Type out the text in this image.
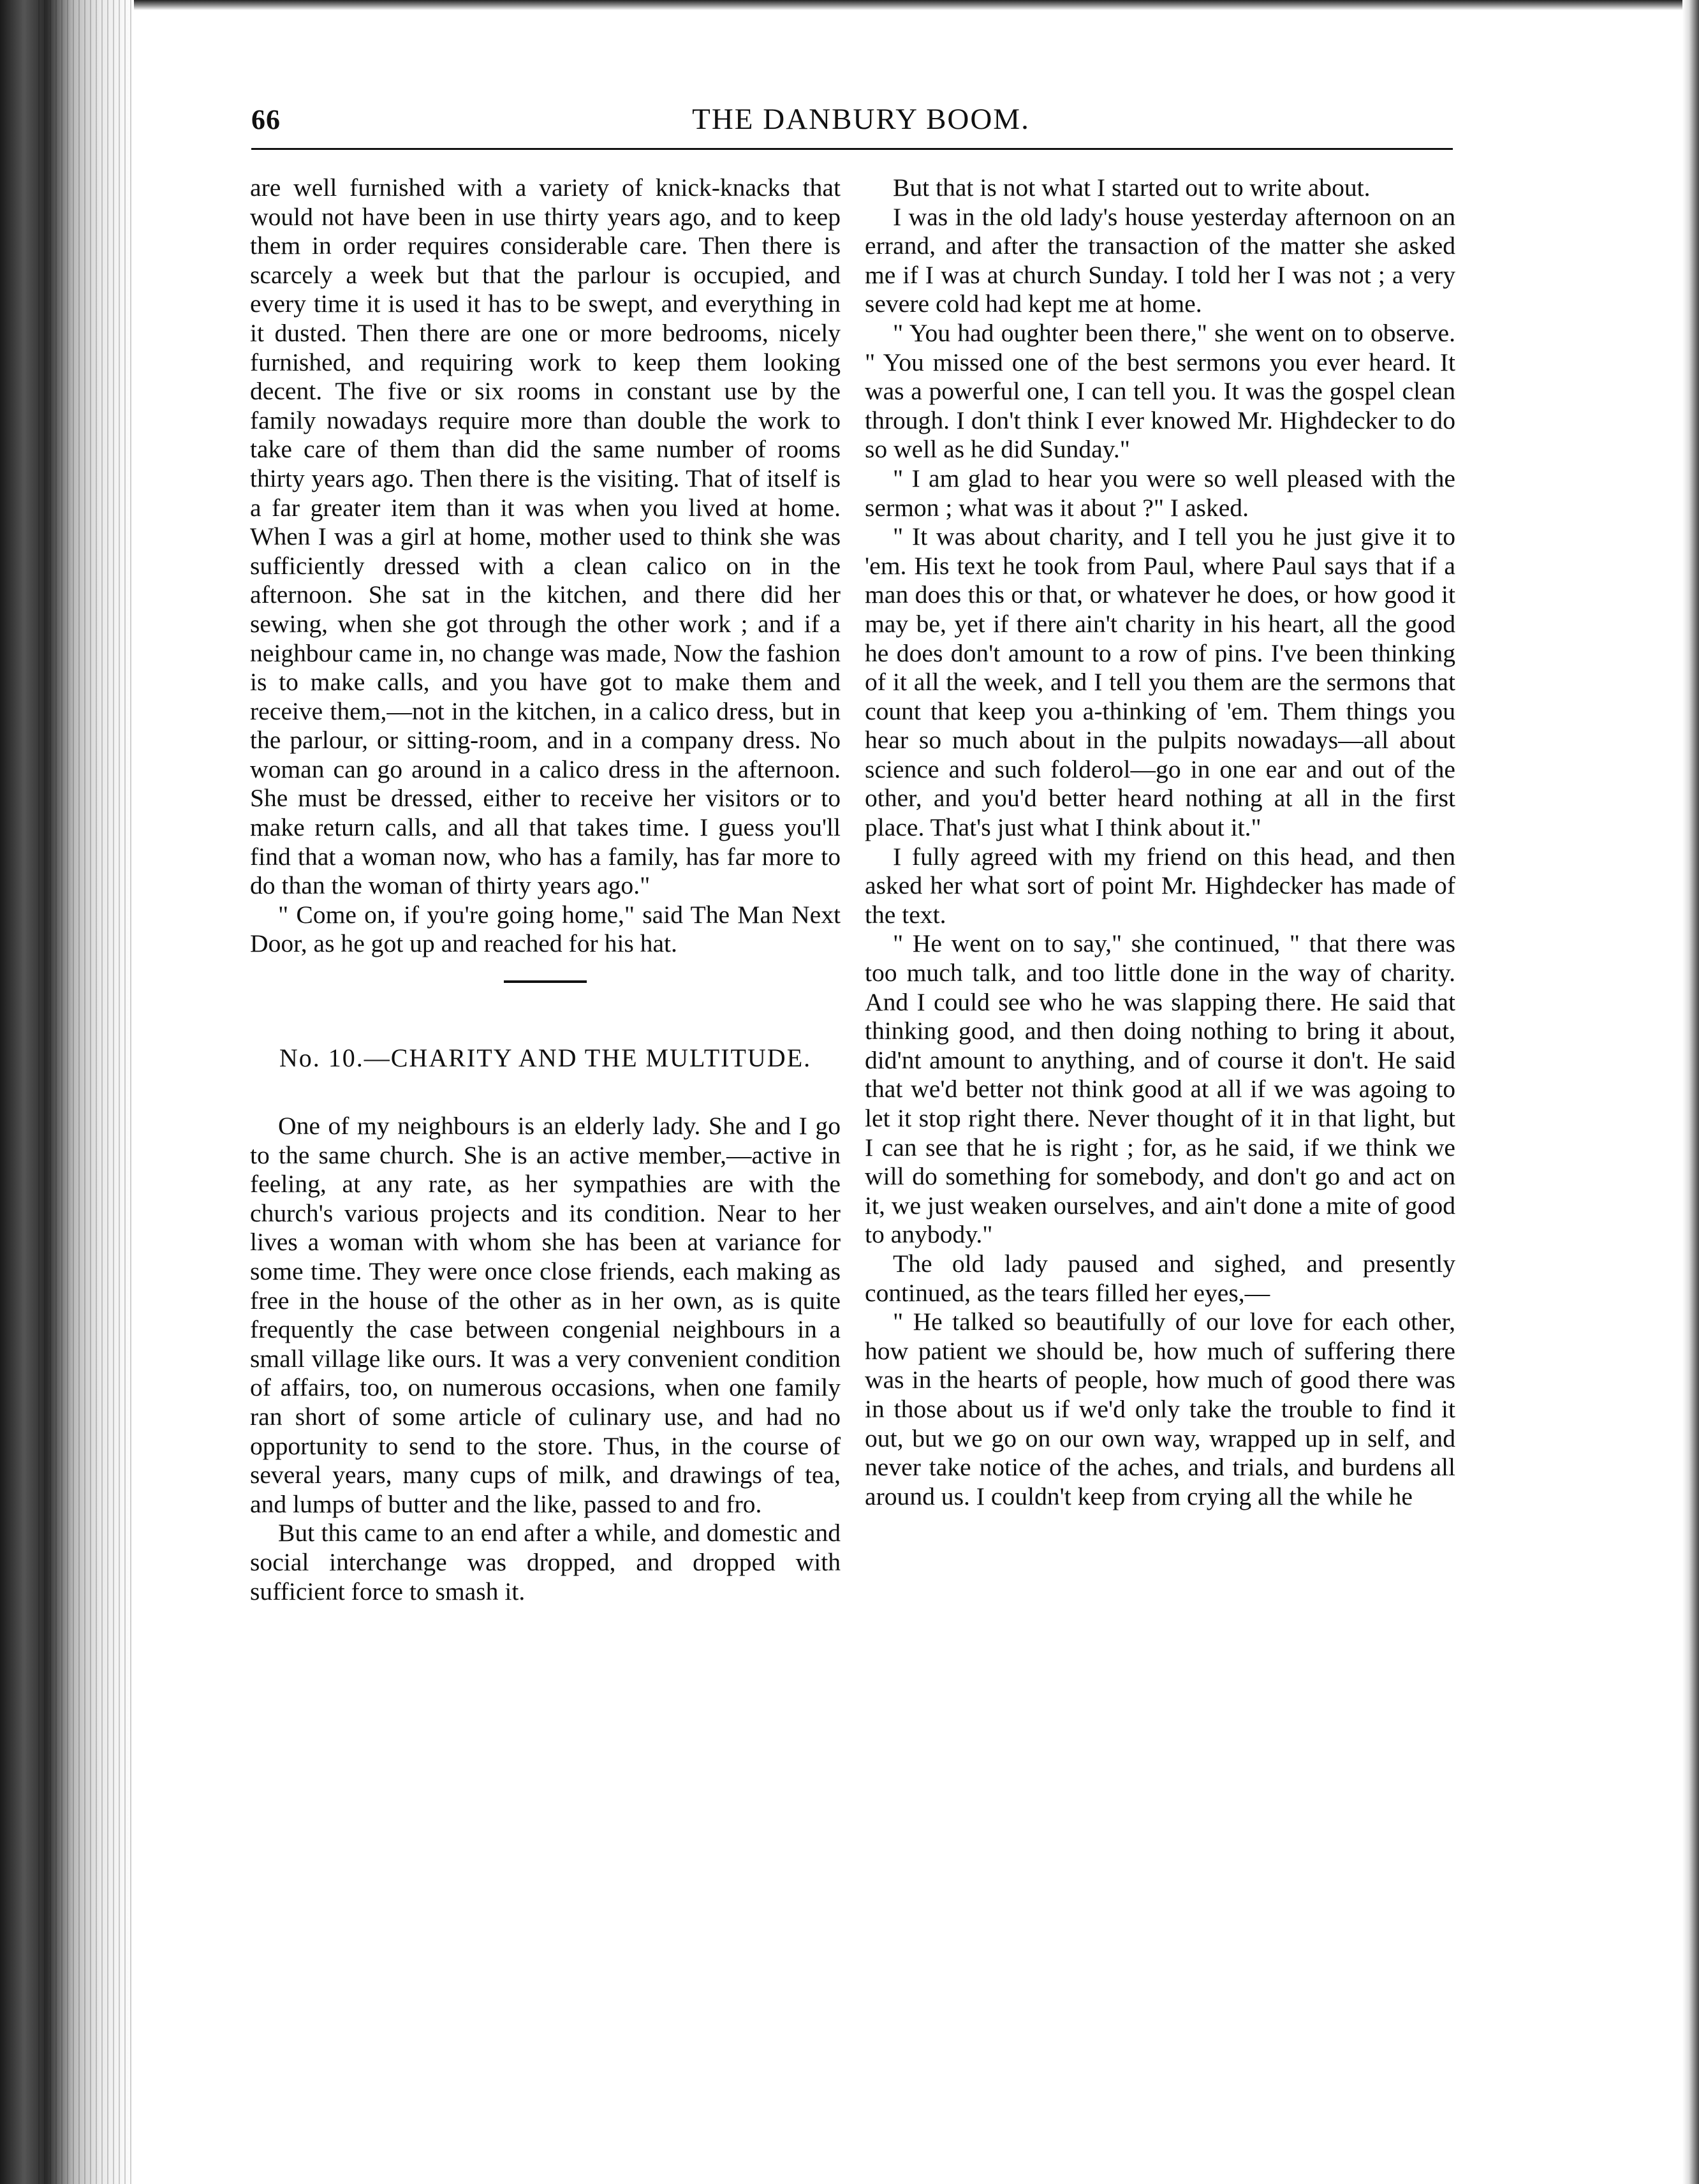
66	THE DANBURY BOOM.

are well furnished with a variety of knick-knacks that would not have been in use thirty years ago, and to keep them in order requires considerable care. Then there is scarcely a week but that the parlour is occupied, and every time it is used it has to be swept, and everything in it dusted. Then there are one or more bedrooms, nicely furnished, and requiring work to keep them looking decent. The five or six rooms in constant use by the family nowadays require more than double the work to take care of them than did the same number of rooms thirty years ago. Then there is the visiting. That of itself is a far greater item than it was when you lived at home. When I was a girl at home, mother used to think she was sufficiently dressed with a clean calico on in the afternoon. She sat in the kitchen, and there did her sewing, when she got through the other work ; and if a neighbour came in, no change was made, Now the fashion is to make calls, and you have got to make them and receive them,—not in the kitchen, in a calico dress, but in the parlour, or sitting-room, and in a company dress. No woman can go around in a calico dress in the afternoon. She must be dressed, either to receive her visitors or to make return calls, and all that takes time. I guess you'll find that a woman now, who has a family, has far more to do than the woman of thirty years ago."

" Come on, if you're going home," said The Man Next Door, as he got up and reached for his hat.

No. 10.—CHARITY AND THE MULTITUDE.

One of my neighbours is an elderly lady. She and I go to the same church. She is an active member,—active in feeling, at any rate, as her sympathies are with the church's various projects and its condition. Near to her lives a woman with whom she has been at variance for some time. They were once close friends, each making as free in the house of the other as in her own, as is quite frequently the case between congenial neighbours in a small village like ours. It was a very convenient condition of affairs, too, on numerous occasions, when one family ran short of some article of culinary use, and had no opportunity to send to the store. Thus, in the course of several years, many cups of milk, and drawings of tea, and lumps of butter and the like, passed to and fro.

But this came to an end after a while, and domestic and social interchange was dropped, and dropped with sufficient force to smash it.

But that is not what I started out to write about.

I was in the old lady's house yesterday afternoon on an errand, and after the transaction of the matter she asked me if I was at church Sunday. I told her I was not ; a very severe cold had kept me at home.

" You had oughter been there," she went on to observe. " You missed one of the best sermons you ever heard. It was a powerful one, I can tell you. It was the gospel clean through. I don't think I ever knowed Mr. Highdecker to do so well as he did Sunday."

" I am glad to hear you were so well pleased with the sermon ; what was it about ?" I asked.

" It was about charity, and I tell you he just give it to 'em. His text he took from Paul, where Paul says that if a man does this or that, or whatever he does, or how good it may be, yet if there ain't charity in his heart, all the good he does don't amount to a row of pins. I've been thinking of it all the week, and I tell you them are the sermons that count that keep you a-thinking of 'em. Them things you hear so much about in the pulpits nowadays—all about science and such folderol—go in one ear and out of the other, and you'd better heard nothing at all in the first place. That's just what I think about it."

I fully agreed with my friend on this head, and then asked her what sort of point Mr. Highdecker has made of the text.

" He went on to say," she continued, " that there was too much talk, and too little done in the way of charity. And I could see who he was slapping there. He said that thinking good, and then doing nothing to bring it about, did'nt amount to anything, and of course it don't. He said that we'd better not think good at all if we was agoing to let it stop right there. Never thought of it in that light, but I can see that he is right ; for, as he said, if we think we will do something for somebody, and don't go and act on it, we just weaken ourselves, and ain't done a mite of good to anybody."

The old lady paused and sighed, and presently continued, as the tears filled her eyes,—

" He talked so beautifully of our love for each other, how patient we should be, how much of suffering there was in the hearts of people, how much of good there was in those about us if we'd only take the trouble to find it out, but we go on our own way, wrapped up in self, and never take notice of the aches, and trials, and burdens all around us. I couldn't keep from crying all the while he
